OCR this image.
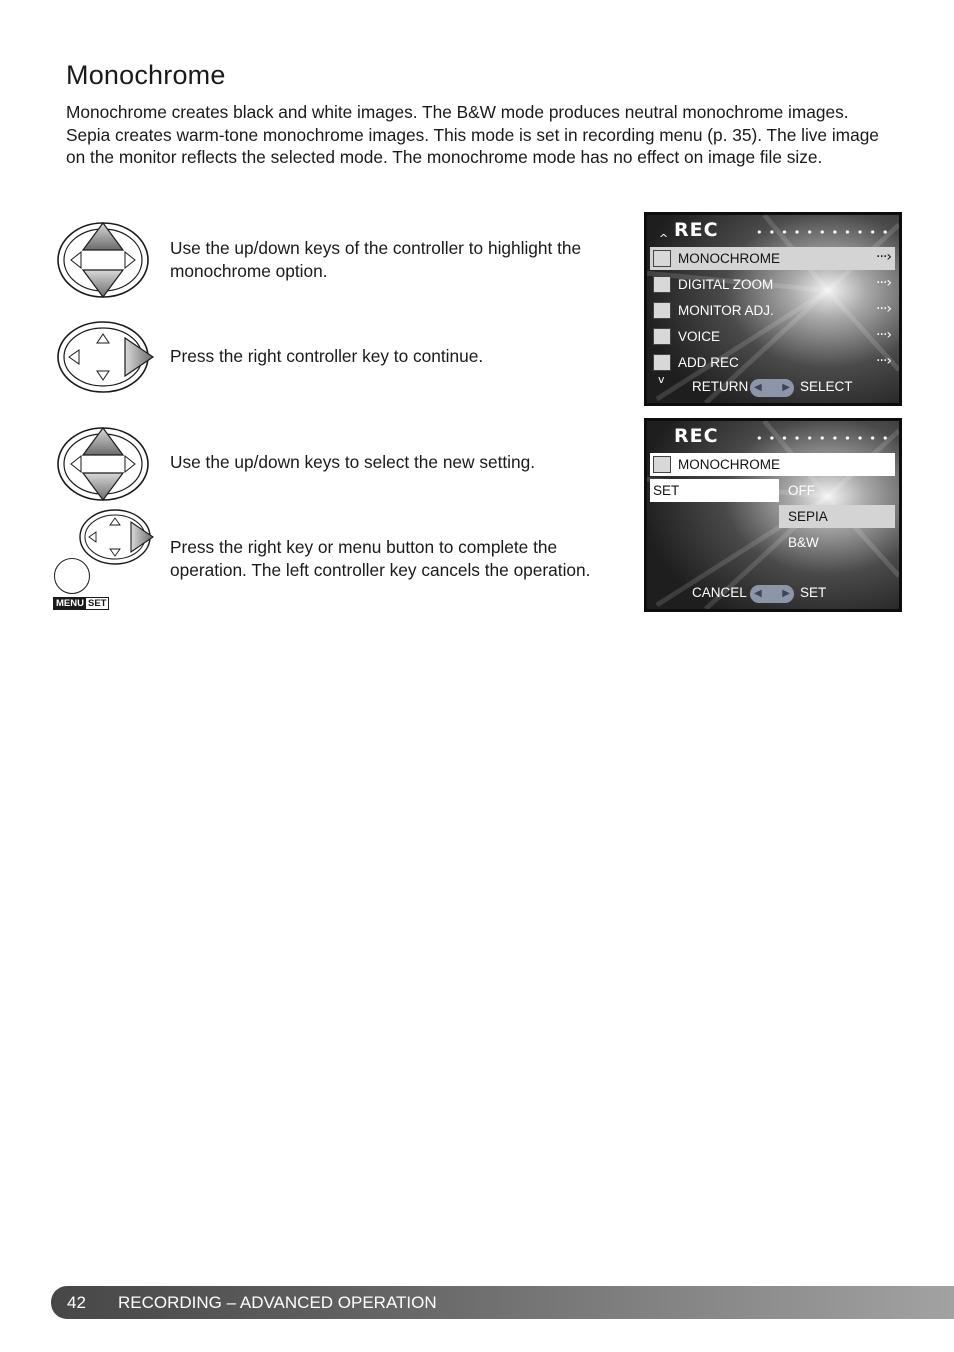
Monochrome

Monochrome creates black and white images. The B&W mode produces neutral monochrome images. Sepia creates warm-tone monochrome images. This mode is set in recording menu (p. 35). The live image on the monitor reflects the selected mode. The monochrome mode has no effect on image file size.

Use the up/down keys of the controller to highlight the monochrome option.

Press the right controller key to continue.

Use the up/down keys to select the new setting.

MENU SET

Press the right key or menu button to complete the operation. The left controller key cancels the operation.

^ REC
MONOCHROME	···›
DIGITAL ZOOM	···›
MONITOR ADJ.	···›
VOICE	···›
ADD REC	···›
v RETURN ◀ ▶ SELECT
REC
MONOCHROME
SET	OFF
SEPIA
B&W
CANCEL ◀ ▶ SET
42 RECORDING – ADVANCED OPERATION
